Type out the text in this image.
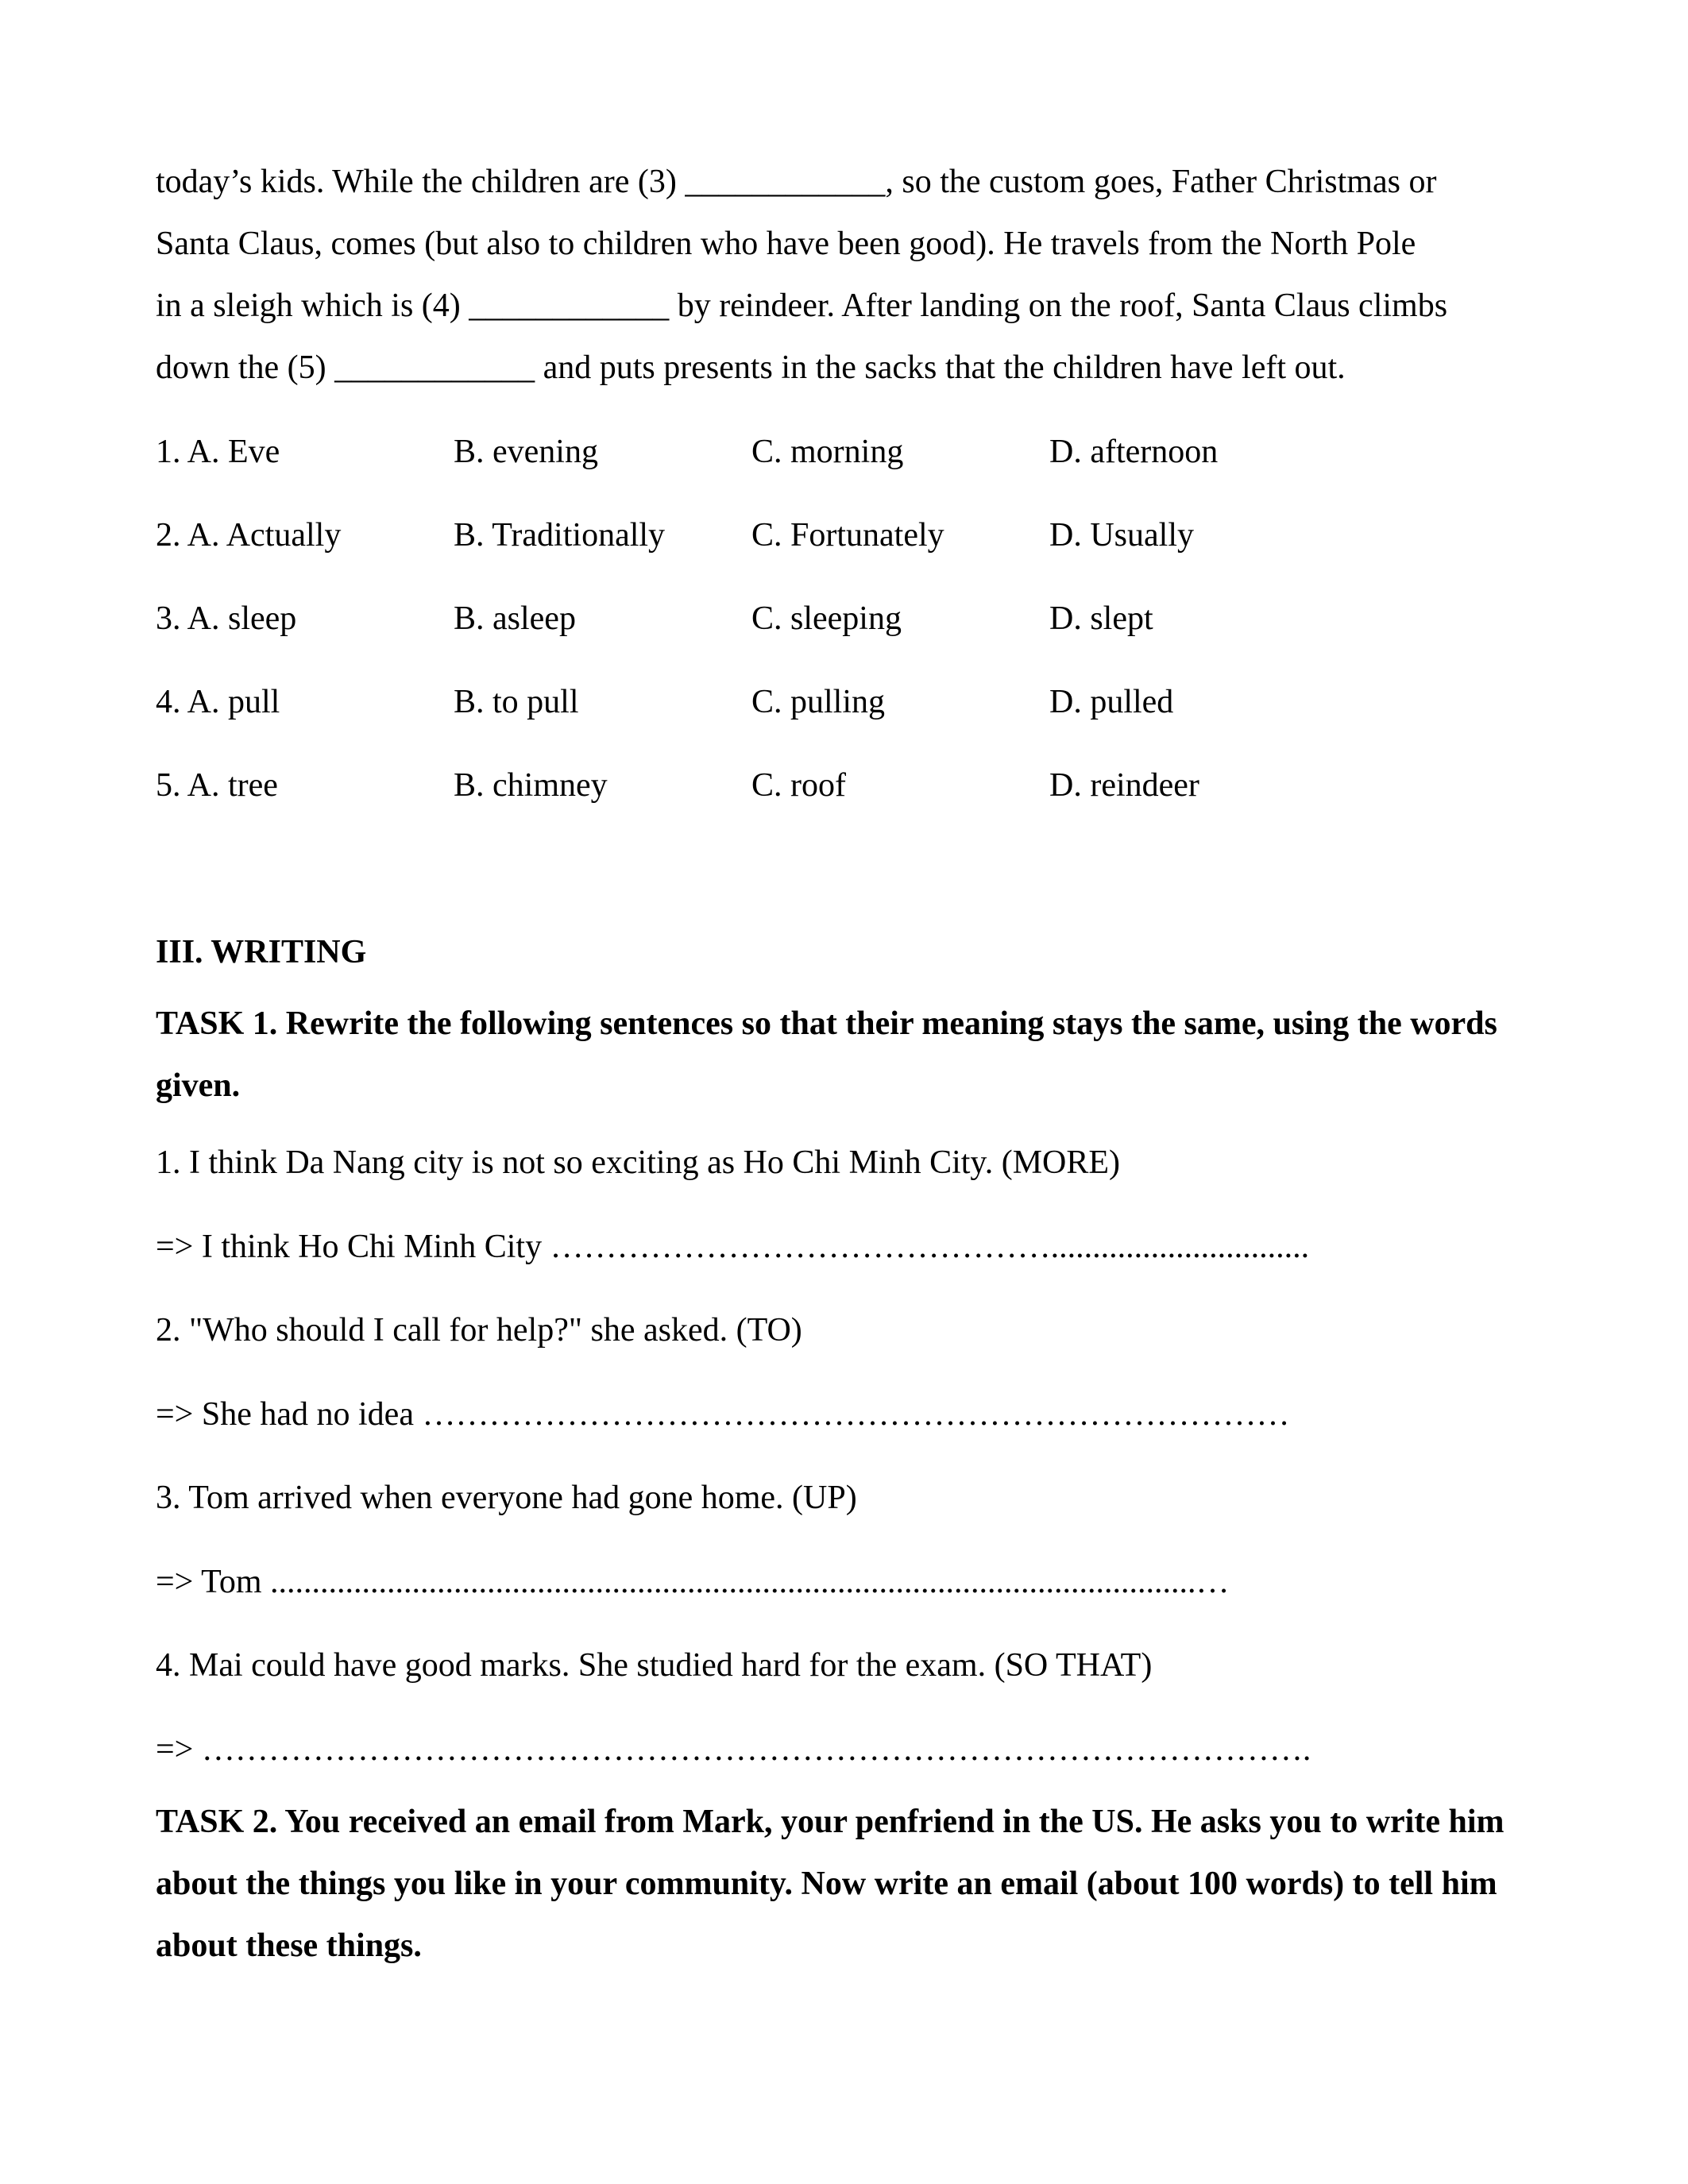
today’s kids. While the children are (3) ____________, so the custom goes, Father Christmas or

Santa Claus, comes (but also to children who have been good). He travels from the North Pole

in a sleigh which is (4) ____________ by reindeer. After landing on the roof, Santa Claus climbs

down the (5) ____________ and puts presents in the sacks that the children have left out.

1. A. Eve	B. evening	C. morning	D. afternoon
2. A. Actually	B. Traditionally	C. Fortunately	D. Usually
3. A. sleep	B. asleep	C. sleeping	D. slept
4. A. pull	B. to pull	C. pulling	D. pulled
5. A. tree	B. chimney	C. roof	D. reindeer
III. WRITING

TASK 1. Rewrite the following sentences so that their meaning stays the same, using the words given.

1. I think Da Nang city is not so exciting as Ho Chi Minh City. (MORE)
=> I think Ho Chi Minh City ………………………………………...............................
2. "Who should I call for help?" she asked. (TO)
=> She had no idea ……………………………………………………………………
3. Tom arrived when everyone had gone home. (UP)
=> Tom ...............................................................................................................…
4. Mai could have good marks. She studied hard for the exam. (SO THAT)
=> ……………………………………………………………………………………….

TASK 2. You received an email from Mark, your penfriend in the US. He asks you to write him about the things you like in your community. Now write an email (about 100 words) to tell him about these things.
